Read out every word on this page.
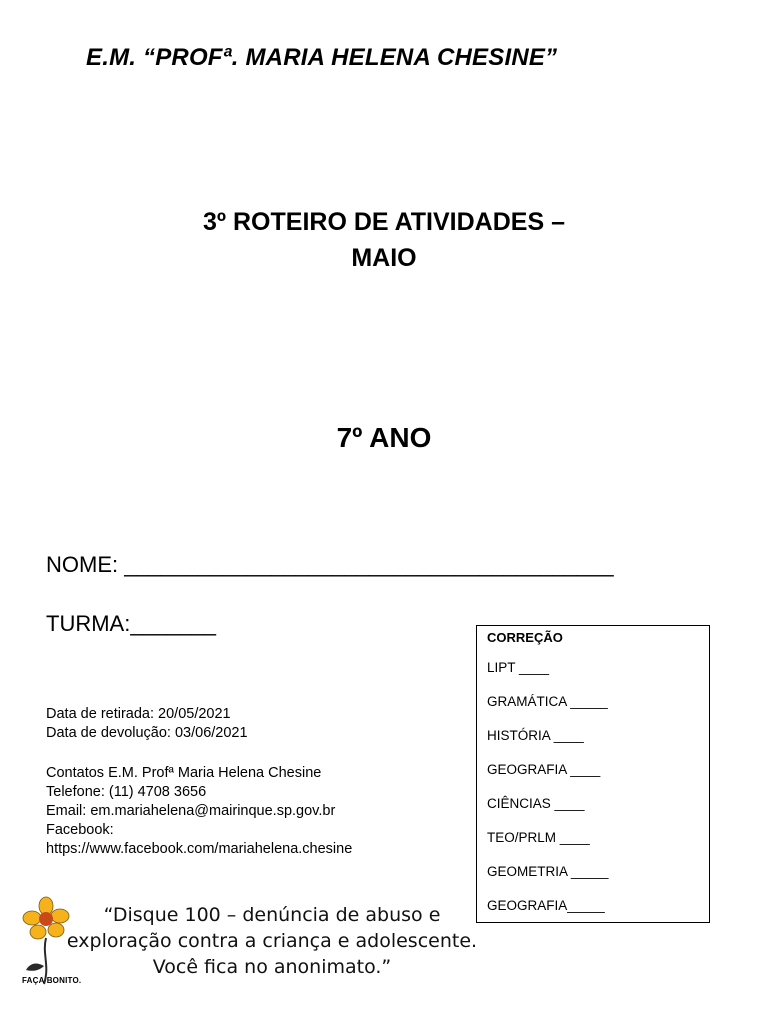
E.M. “PROFª. MARIA HELENA CHESINE”
3º ROTEIRO DE ATIVIDADES –
MAIO
7º ANO
NOME: ________________________________________
TURMA:_______
Data de retirada: 20/05/2021
Data de devolução: 03/06/2021
Contatos E.M. Profª Maria Helena Chesine
Telefone: (11) 4708 3656
Email: em.mariahelena@mairinque.sp.gov.br
Facebook:
https://www.facebook.com/mariahelena.chesine
CORREÇÃO
LIPT ____
GRAMÁTICA _____
HISTÓRIA ____
GEOGRAFIA ____
CIÊNCIAS ____
TEO/PRLM ____
GEOMETRIA _____
GEOGRAFIA_____
FAÇA BONITO.
“Disque 100 – denúncia de abuso e
exploração contra a criança e adolescente.
Você fica no anonimato.”
